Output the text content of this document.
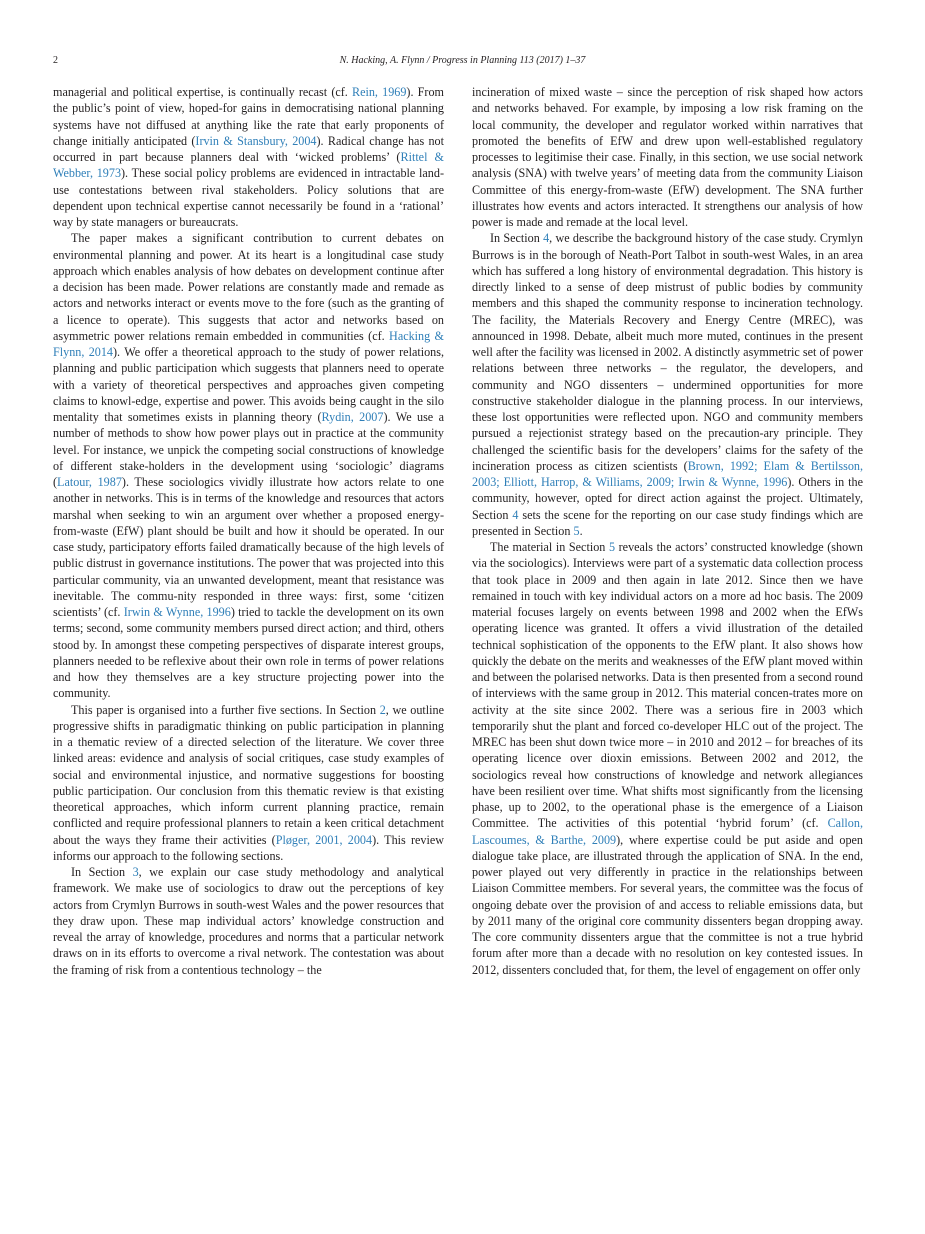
2	N. Hacking, A. Flynn / Progress in Planning 113 (2017) 1–37

managerial and political expertise, is continually recast (cf. Rein, 1969). From the public’s point of view, hoped-for gains in democratising national planning systems have not diffused at anything like the rate that early proponents of change initially anticipated (Irvin & Stansbury, 2004). Radical change has not occurred in part because planners deal with ‘wicked problems’ (Rittel & Webber, 1973). These social policy problems are evidenced in intractable land-use contestations between rival stakeholders. Policy solutions that are dependent upon technical expertise cannot necessarily be found in a ‘rational’ way by state managers or bureaucrats.

The paper makes a significant contribution to current debates on environmental planning and power. At its heart is a longitudinal case study approach which enables analysis of how debates on development continue after a decision has been made. Power relations are constantly made and remade as actors and networks interact or events move to the fore (such as the granting of a licence to operate). This suggests that actor and networks based on asymmetric power relations remain embedded in communities (cf. Hacking & Flynn, 2014). We offer a theoretical approach to the study of power relations, planning and public participation which suggests that planners need to operate with a variety of theoretical perspectives and approaches given competing claims to knowl-edge, expertise and power. This avoids being caught in the silo mentality that sometimes exists in planning theory (Rydin, 2007). We use a number of methods to show how power plays out in practice at the community level. For instance, we unpick the competing social constructions of knowledge of different stake-holders in the development using ‘sociologic’ diagrams (Latour, 1987). These sociologics vividly illustrate how actors relate to one another in networks. This is in terms of the knowledge and resources that actors marshal when seeking to win an argument over whether a proposed energy-from-waste (EfW) plant should be built and how it should be operated. In our case study, participatory efforts failed dramatically because of the high levels of public distrust in governance institutions. The power that was projected into this particular community, via an unwanted development, meant that resistance was inevitable. The commu-nity responded in three ways: first, some ‘citizen scientists’ (cf. Irwin & Wynne, 1996) tried to tackle the development on its own terms; second, some community members pursed direct action; and third, others stood by. In amongst these competing perspectives of disparate interest groups, planners needed to be reflexive about their own role in terms of power relations and how they themselves are a key structure projecting power into the community.

This paper is organised into a further five sections. In Section 2, we outline progressive shifts in paradigmatic thinking on public participation in planning in a thematic review of a directed selection of the literature. We cover three linked areas: evidence and analysis of social critiques, case study examples of social and environmental injustice, and normative suggestions for boosting public participation. Our conclusion from this thematic review is that existing theoretical approaches, which inform current planning practice, remain conflicted and require professional planners to retain a keen critical detachment about the ways they frame their activities (Pløger, 2001, 2004). This review informs our approach to the following sections.

In Section 3, we explain our case study methodology and analytical framework. We make use of sociologics to draw out the perceptions of key actors from Crymlyn Burrows in south-west Wales and the power resources that they draw upon. These map individual actors’ knowledge construction and reveal the array of knowledge, procedures and norms that a particular network draws on in its efforts to overcome a rival network. The contestation was about the framing of risk from a contentious technology – the

incineration of mixed waste – since the perception of risk shaped how actors and networks behaved. For example, by imposing a low risk framing on the local community, the developer and regulator worked within narratives that promoted the benefits of EfW and drew upon well-established regulatory processes to legitimise their case. Finally, in this section, we use social network analysis (SNA) with twelve years’ of meeting data from the community Liaison Committee of this energy-from-waste (EfW) development. The SNA further illustrates how events and actors interacted. It strengthens our analysis of how power is made and remade at the local level.

In Section 4, we describe the background history of the case study. Crymlyn Burrows is in the borough of Neath-Port Talbot in south-west Wales, in an area which has suffered a long history of environmental degradation. This history is directly linked to a sense of deep mistrust of public bodies by community members and this shaped the community response to incineration technology. The facility, the Materials Recovery and Energy Centre (MREC), was announced in 1998. Debate, albeit much more muted, continues in the present well after the facility was licensed in 2002. A distinctly asymmetric set of power relations between three networks – the regulator, the developers, and community and NGO dissenters – undermined opportunities for more constructive stakeholder dialogue in the planning process. In our interviews, these lost opportunities were reflected upon. NGO and community members pursued a rejectionist strategy based on the precaution-ary principle. They challenged the scientific basis for the developers’ claims for the safety of the incineration process as citizen scientists (Brown, 1992; Elam & Bertilsson, 2003; Elliott, Harrop, & Williams, 2009; Irwin & Wynne, 1996). Others in the community, however, opted for direct action against the project. Ultimately, Section 4 sets the scene for the reporting on our case study findings which are presented in Section 5.

The material in Section 5 reveals the actors’ constructed knowledge (shown via the sociologics). Interviews were part of a systematic data collection process that took place in 2009 and then again in late 2012. Since then we have remained in touch with key individual actors on a more ad hoc basis. The 2009 material focuses largely on events between 1998 and 2002 when the EfWs operating licence was granted. It offers a vivid illustration of the detailed technical sophistication of the opponents to the EfW plant. It also shows how quickly the debate on the merits and weaknesses of the EfW plant moved within and between the polarised networks. Data is then presented from a second round of interviews with the same group in 2012. This material concen-trates more on activity at the site since 2002. There was a serious fire in 2003 which temporarily shut the plant and forced co-developer HLC out of the project. The MREC has been shut down twice more – in 2010 and 2012 – for breaches of its operating licence over dioxin emissions. Between 2002 and 2012, the sociologics reveal how constructions of knowledge and network allegiances have been resilient over time. What shifts most significantly from the licensing phase, up to 2002, to the operational phase is the emergence of a Liaison Committee. The activities of this potential ‘hybrid forum’ (cf. Callon, Lascoumes, & Barthe, 2009), where expertise could be put aside and open dialogue take place, are illustrated through the application of SNA. In the end, power played out very differently in practice in the relationships between Liaison Committee members. For several years, the committee was the focus of ongoing debate over the provision of and access to reliable emissions data, but by 2011 many of the original core community dissenters began dropping away. The core community dissenters argue that the committee is not a true hybrid forum after more than a decade with no resolution on key contested issues. In 2012, dissenters concluded that, for them, the level of engagement on offer only
